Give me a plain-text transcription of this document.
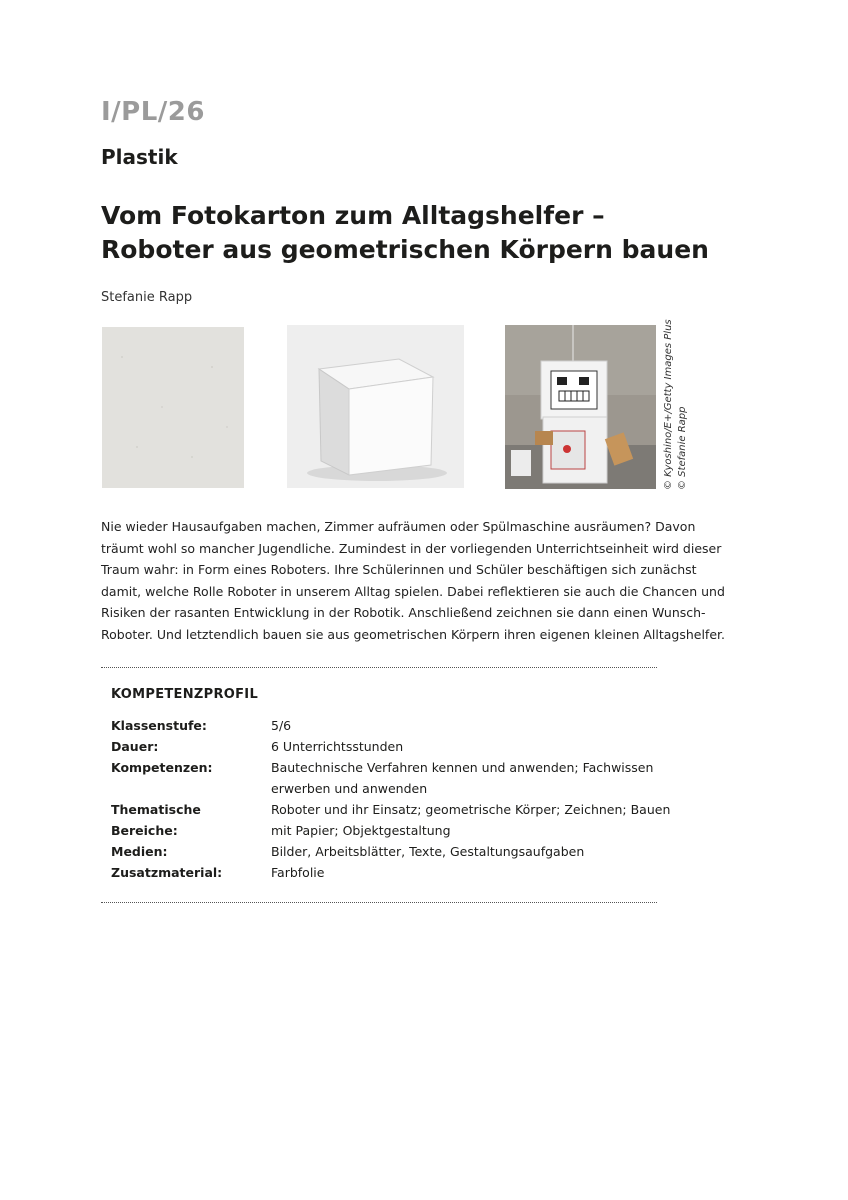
I/PL/26
Plastik
Vom Fotokarton zum Alltagshelfer –
Roboter aus geometrischen Körpern bauen
Stefanie Rapp
© Kyoshino/E+/Getty Images Plus © Stefanie Rapp
Nie wieder Hausaufgaben machen, Zimmer aufräumen oder Spülmaschine ausräumen? Davon
träumt wohl so mancher Jugendliche. Zumindest in der vorliegenden Unterrichtseinheit wird dieser
Traum wahr: in Form eines Roboters. Ihre Schülerinnen und Schüler beschäftigen sich zunächst
damit, welche Rolle Roboter in unserem Alltag spielen. Dabei reflektieren sie auch die Chancen und
Risiken der rasanten Entwicklung in der Robotik. Anschließend zeichnen sie dann einen Wunsch-
Roboter. Und letztendlich bauen sie aus geometrischen Körpern ihren eigenen kleinen Alltagshelfer.
KOMPETENZPROFIL
Klassenstufe:	5/6
Dauer:	6 Unterrichtsstunden
Kompetenzen:	Bautechnische Verfahren kennen und anwenden; Fachwissen
erwerben und anwenden
Thematische Bereiche:
Roboter und ihr Einsatz; geometrische Körper; Zeichnen; Bauen
mit Papier; Objektgestaltung
Medien:	Bilder, Arbeitsblätter, Texte, Gestaltungsaufgaben
Zusatzmaterial:	Farbfolie
